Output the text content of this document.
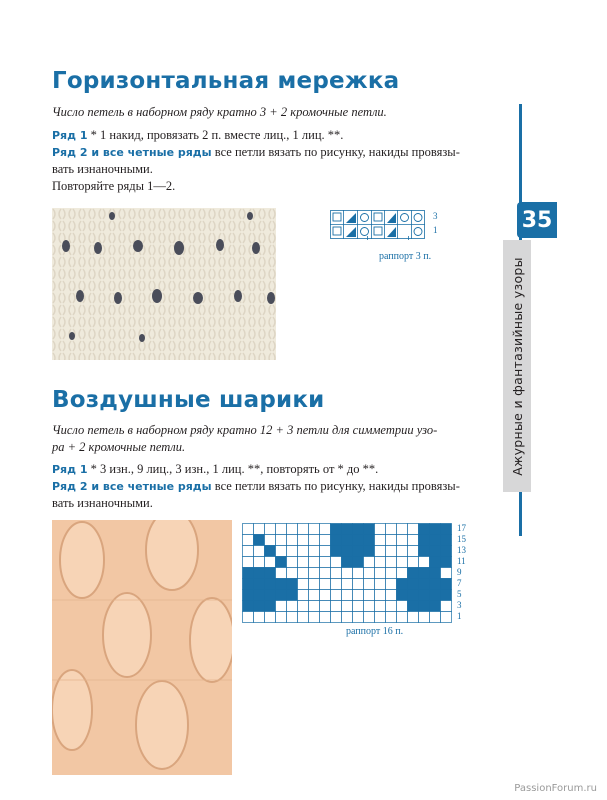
Горизонтальная мережка
Число петель в наборном ряду кратно 3 + 2 кромочные петли.
Ряд 1 * 1 накид, провязать 2 п. вместе лиц., 1 лиц. **.
Ряд 2 и все четные ряды все петли вязать по рисунку, накиды провязы-
вать изнаночными.
Повторяйте ряды 1—2.
3
1
раппорт 3 п.
Воздушные шарики
Число петель в наборном ряду кратно 12 + 3 петли для симметрии узо-
ра + 2 кромочные петли.
Ряд 1 * 3 изн., 9 лиц., 3 изн., 1 лиц. **, повторять от * до **.
Ряд 2 и все четные ряды все петли вязать по рисунку, накиды провязы-
вать изнаночными.
17
15
13
11
9
7
5
3
1
раппорт 16 п.
Ажурные и фантазийные узоры
35
PassionForum.ru
